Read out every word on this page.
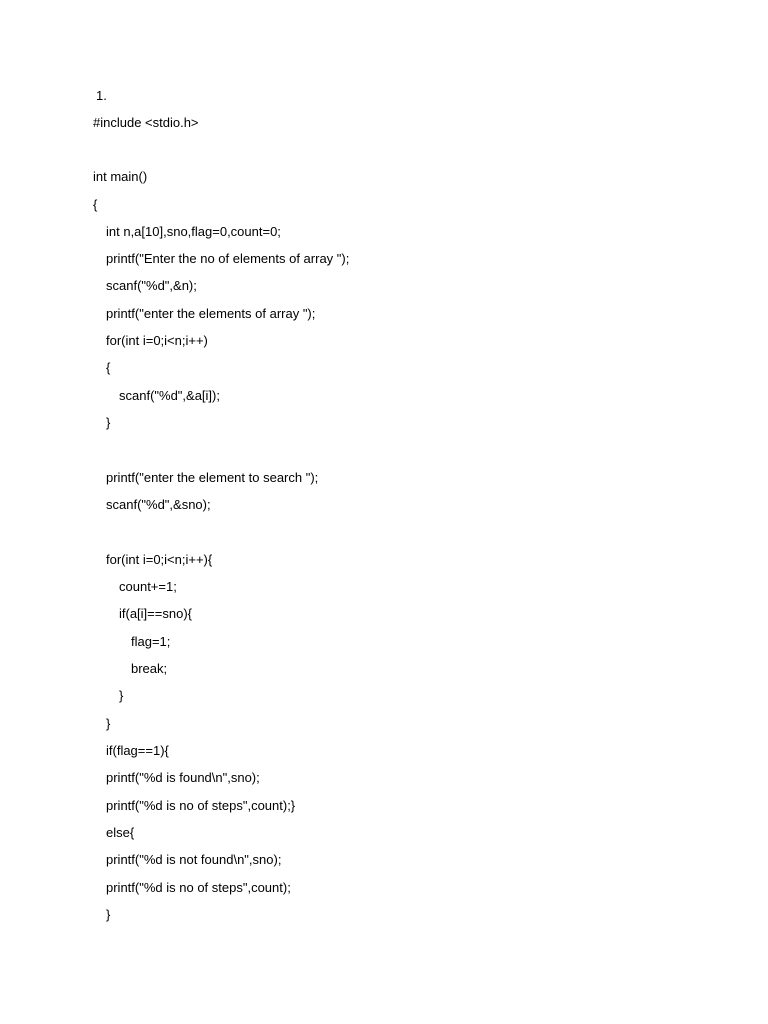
1.
#include <stdio.h>
int main()
{
int n,a[10],sno,flag=0,count=0;
printf("Enter the no of elements of array ");
scanf("%d",&n);
printf("enter the elements of array ");
for(int i=0;i<n;i++)
{
scanf("%d",&a[i]);
}
printf("enter the element to search ");
scanf("%d",&sno);
for(int i=0;i<n;i++){
count+=1;
if(a[i]==sno){
flag=1;
break;
}
}
if(flag==1){
printf("%d is found\n",sno);
printf("%d is no of steps",count);}
else{
printf("%d is not found\n",sno);
printf("%d is no of steps",count);
}
